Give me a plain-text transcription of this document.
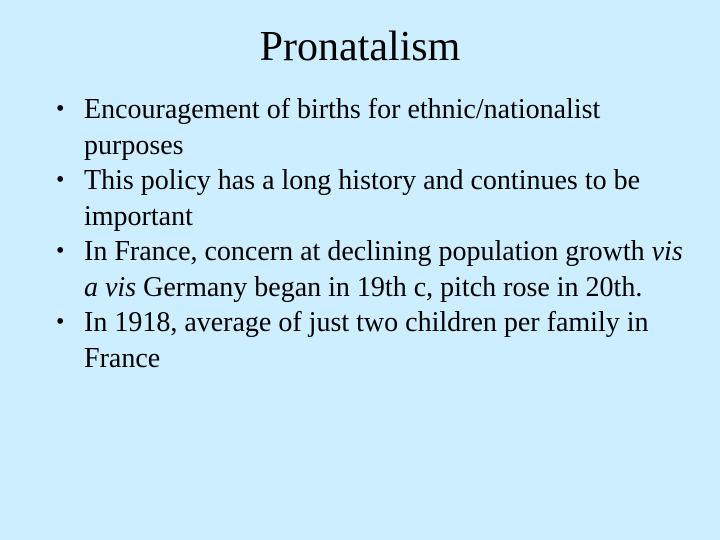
Pronatalism
• Encouragement of births for ethnic/nationalist purposes
• This policy has a long history and continues to be important
• In France, concern at declining population growth vis a vis Germany began in 19th c, pitch rose in 20th.
• In 1918, average of just two children per family in France
